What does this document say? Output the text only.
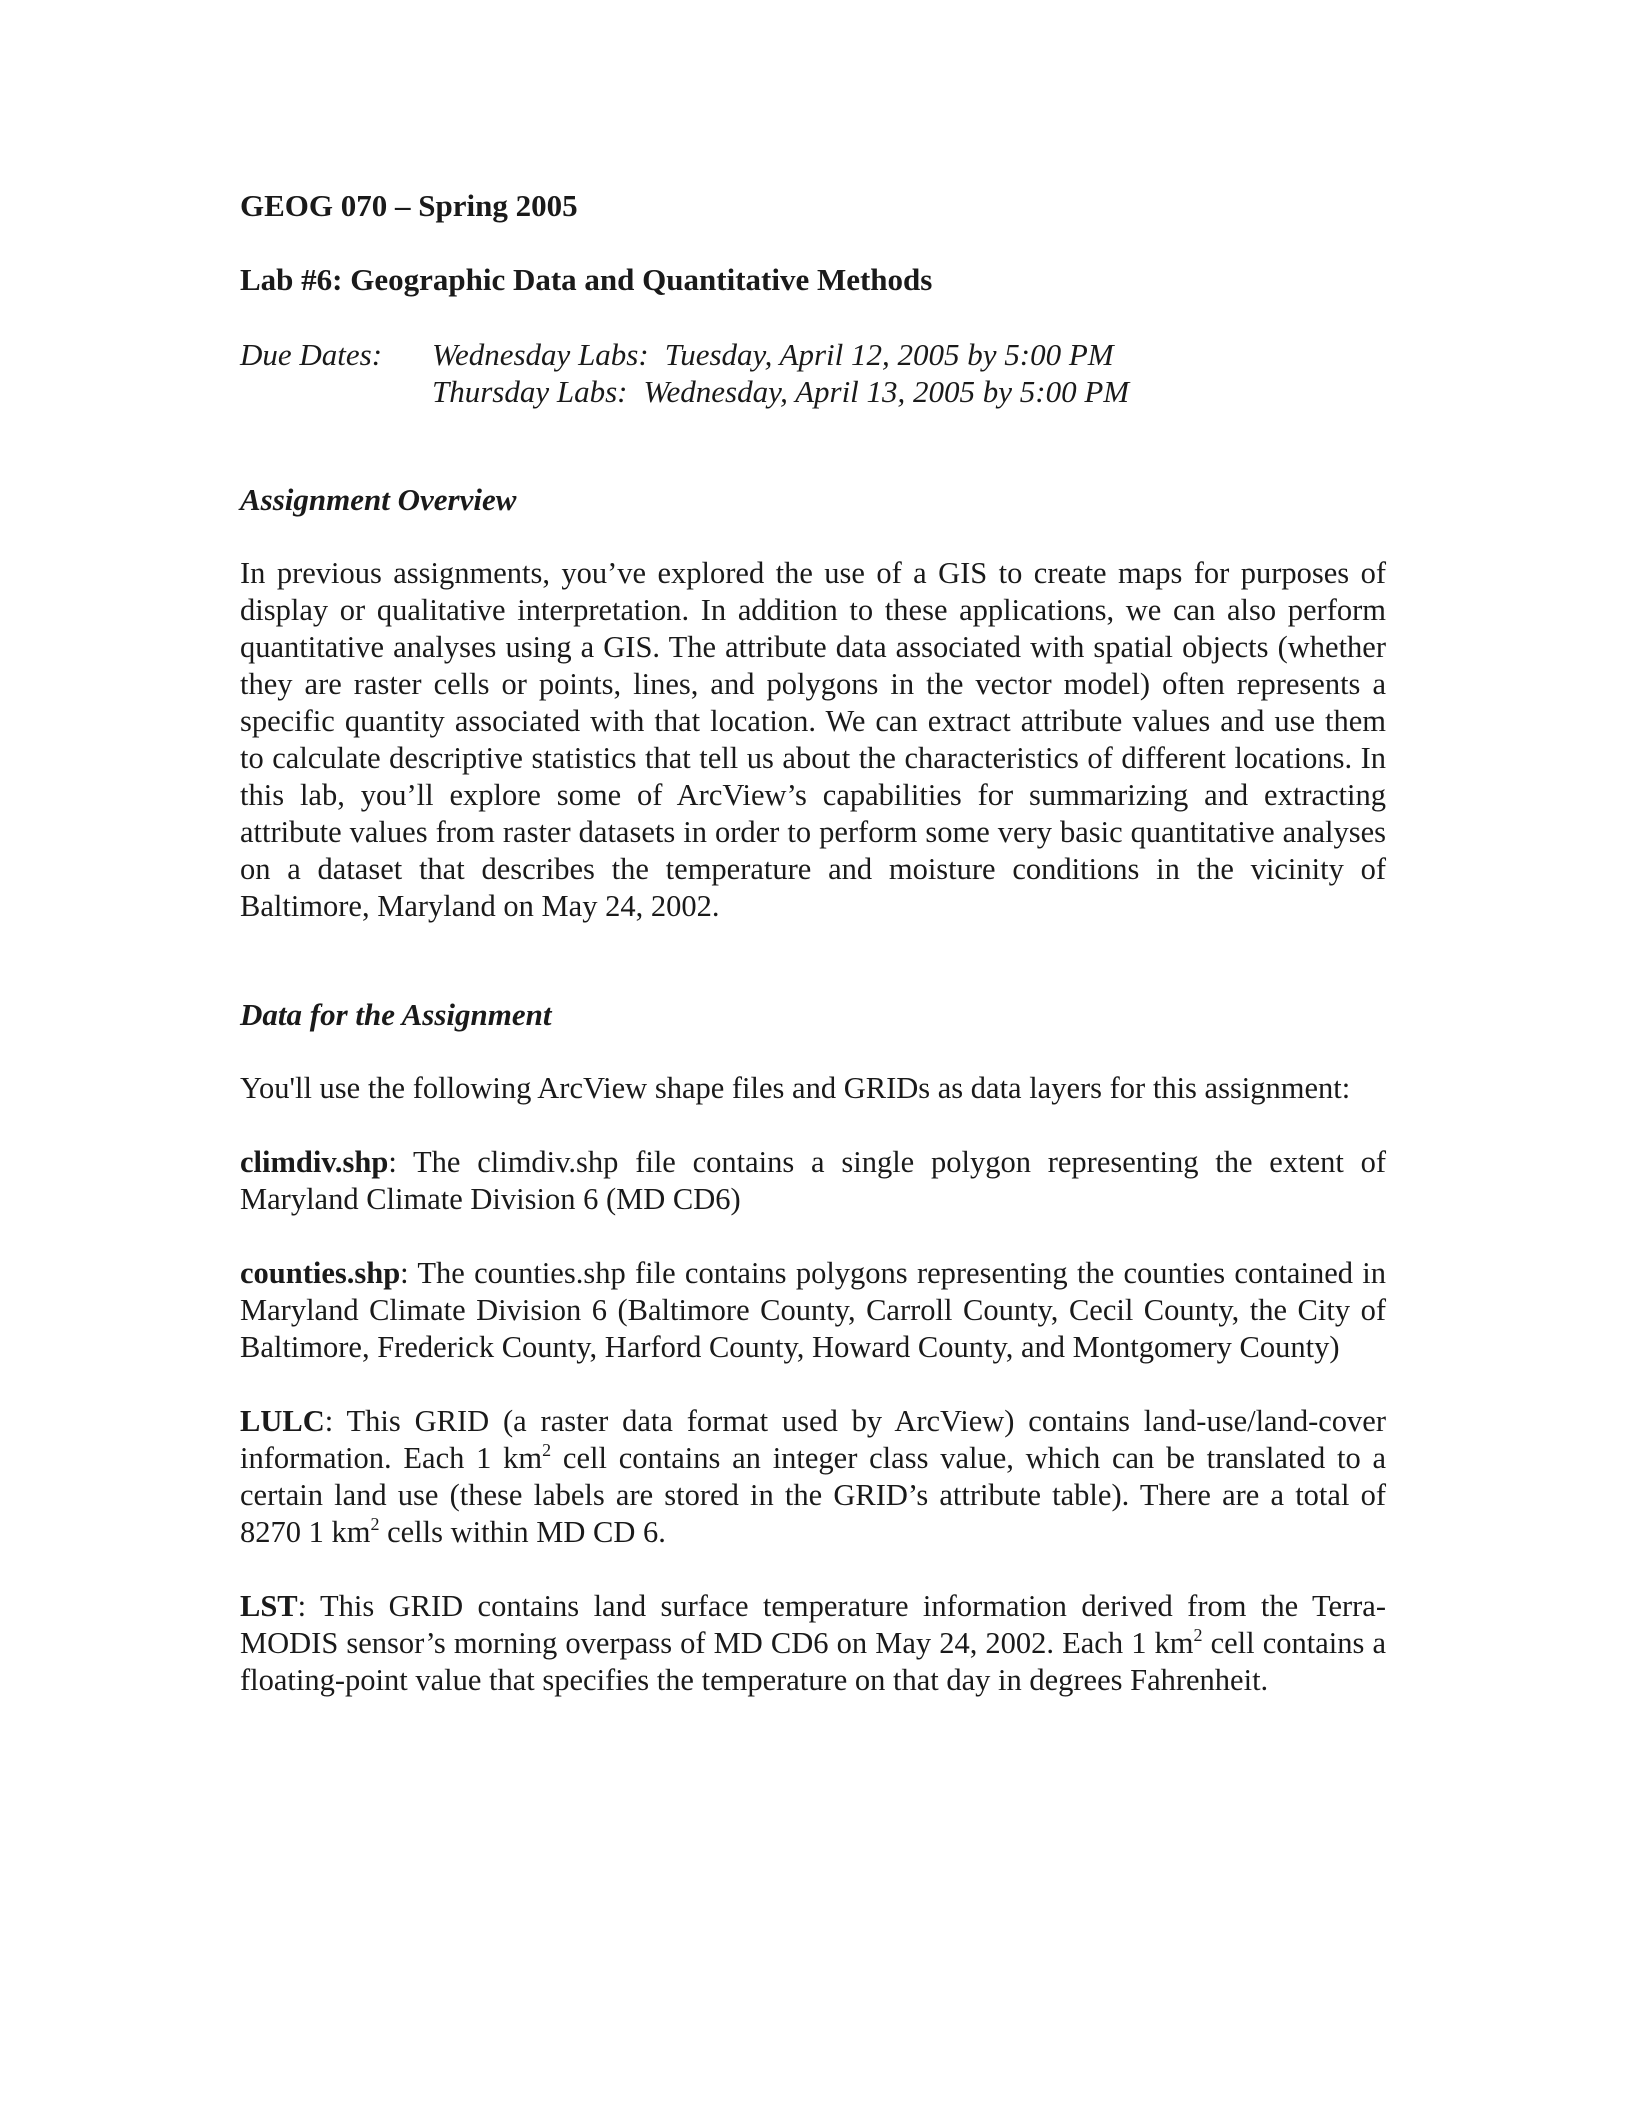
GEOG 070 – Spring 2005
Lab #6: Geographic Data and Quantitative Methods
Due Dates:	Wednesday Labs: Tuesday, April 12, 2005 by 5:00 PM
Thursday Labs: Wednesday, April 13, 2005 by 5:00 PM
Assignment Overview

In previous assignments, you’ve explored the use of a GIS to create maps for purposes of display or qualitative interpretation. In addition to these applications, we can also perform quantitative analyses using a GIS. The attribute data associated with spatial objects (whether they are raster cells or points, lines, and polygons in the vector model) often represents a specific quantity associated with that location. We can extract attribute values and use them to calculate descriptive statistics that tell us about the characteristics of different locations. In this lab, you’ll explore some of ArcView’s capabilities for summarizing and extracting attribute values from raster datasets in order to perform some very basic quantitative analyses on a dataset that describes the temperature and moisture conditions in the vicinity of Baltimore, Maryland on May 24, 2002.

Data for the Assignment

You'll use the following ArcView shape files and GRIDs as data layers for this assignment:

climdiv.shp: The climdiv.shp file contains a single polygon representing the extent of Maryland Climate Division 6 (MD CD6)

counties.shp: The counties.shp file contains polygons representing the counties contained in Maryland Climate Division 6 (Baltimore County, Carroll County, Cecil County, the City of Baltimore, Frederick County, Harford County, Howard County, and Montgomery County)

LULC: This GRID (a raster data format used by ArcView) contains land-use/land-cover information. Each 1 $km^2$ cell contains an integer class value, which can be translated to a certain land use (these labels are stored in the GRID’s attribute table). There are a total of 8270 1 $km^2$ cells within MD CD 6.

LST: This GRID contains land surface temperature information derived from the Terra-MODIS sensor’s morning overpass of MD CD6 on May 24, 2002. Each 1 $km^2$ cell contains a floating-point value that specifies the temperature on that day in degrees Fahrenheit.
